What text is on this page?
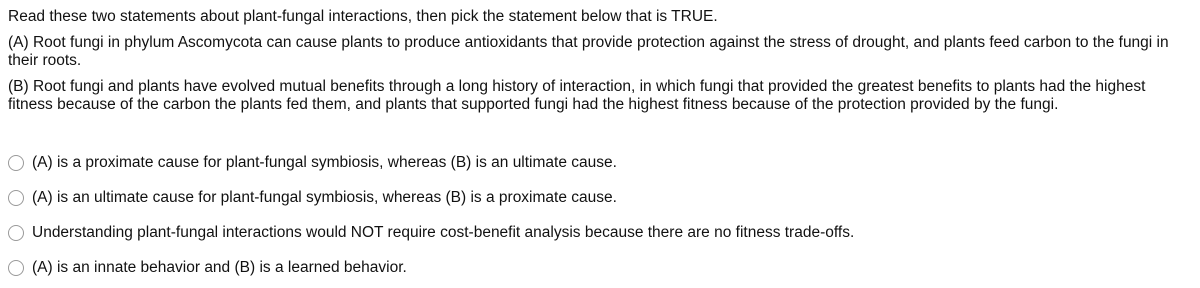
Read these two statements about plant-fungal interactions, then pick the statement below that is TRUE.
(A) Root fungi in phylum Ascomycota can cause plants to produce antioxidants that provide protection against the stress of drought, and plants feed carbon to the fungi in their roots.
(B) Root fungi and plants have evolved mutual benefits through a long history of interaction, in which fungi that provided the greatest benefits to plants had the highest fitness because of the carbon the plants fed them, and plants that supported fungi had the highest fitness because of the protection provided by the fungi.
(A) is a proximate cause for plant-fungal symbiosis, whereas (B) is an ultimate cause.
(A) is an ultimate cause for plant-fungal symbiosis, whereas (B) is a proximate cause.
Understanding plant-fungal interactions would NOT require cost-benefit analysis because there are no fitness trade-offs.
(A) is an innate behavior and (B) is a learned behavior.
